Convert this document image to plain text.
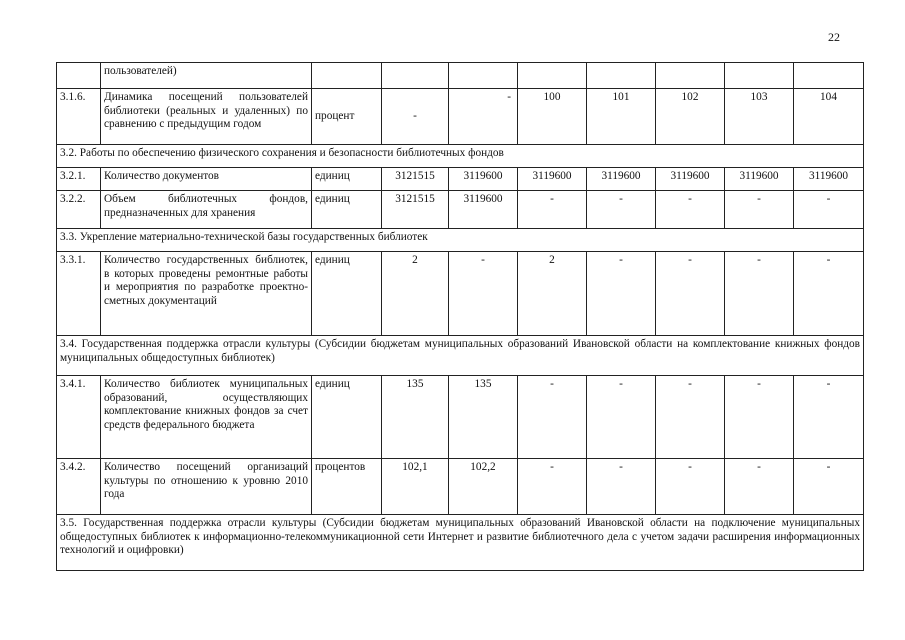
22
	пользователей)								
3.1.6.	Динамика посещений пользователей библиотеки (реальных и удаленных) по сравнению с предыдущим годом	процент	-	-	100	101	102	103	104
3.2. Работы по обеспечению физического сохранения и безопасности библиотечных фондов									
3.2.1.	Количество документов	единиц	3121515	3119600	3119600	3119600	3119600	3119600	3119600
3.2.2.	Объем библиотечных фондов, предназначенных для хранения	единиц	3121515	3119600	-	-	-	-	-
3.3. Укрепление материально-технической базы государственных библиотек									
3.3.1.	Количество государственных библиотек, в которых проведены ремонтные работы и мероприятия по разработке проектно-сметных документаций	единиц	2	-	2	-	-	-	-
3.4. Государственная поддержка отрасли культуры (Субсидии бюджетам муниципальных образований Ивановской области на комплектование книжных фондов муниципальных общедоступных библиотек)									
3.4.1.	Количество библиотек муниципальных образований, осуществляющих комплектование книжных фондов за счет средств федерального бюджета	единиц	135	135	-	-	-	-	-
3.4.2.	Количество посещений организаций культуры по отношению к уровню 2010 года	процентов	102,1	102,2	-	-	-	-	-
3.5. Государственная поддержка отрасли культуры (Субсидии бюджетам муниципальных образований Ивановской области на подключение муниципальных общедоступных библиотек к информационно-телекоммуникационной сети Интернет и развитие библиотечного дела с учетом задачи расширения информационных технологий и оцифровки)									
